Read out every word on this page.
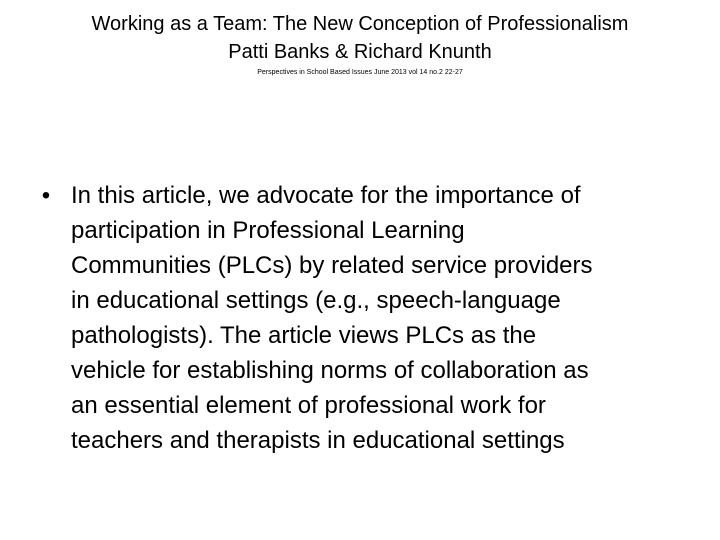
Working as a Team: The New Conception of Professionalism
Patti Banks & Richard Knunth
Perspectives in School Based Issues June 2013 vol 14 no.2 22-27
• In this article, we advocate for the importance of
participation in Professional Learning
Communities (PLCs) by related service providers
in educational settings (e.g., speech-language
pathologists). The article views PLCs as the
vehicle for establishing norms of collaboration as
an essential element of professional work for
teachers and therapists in educational settings
